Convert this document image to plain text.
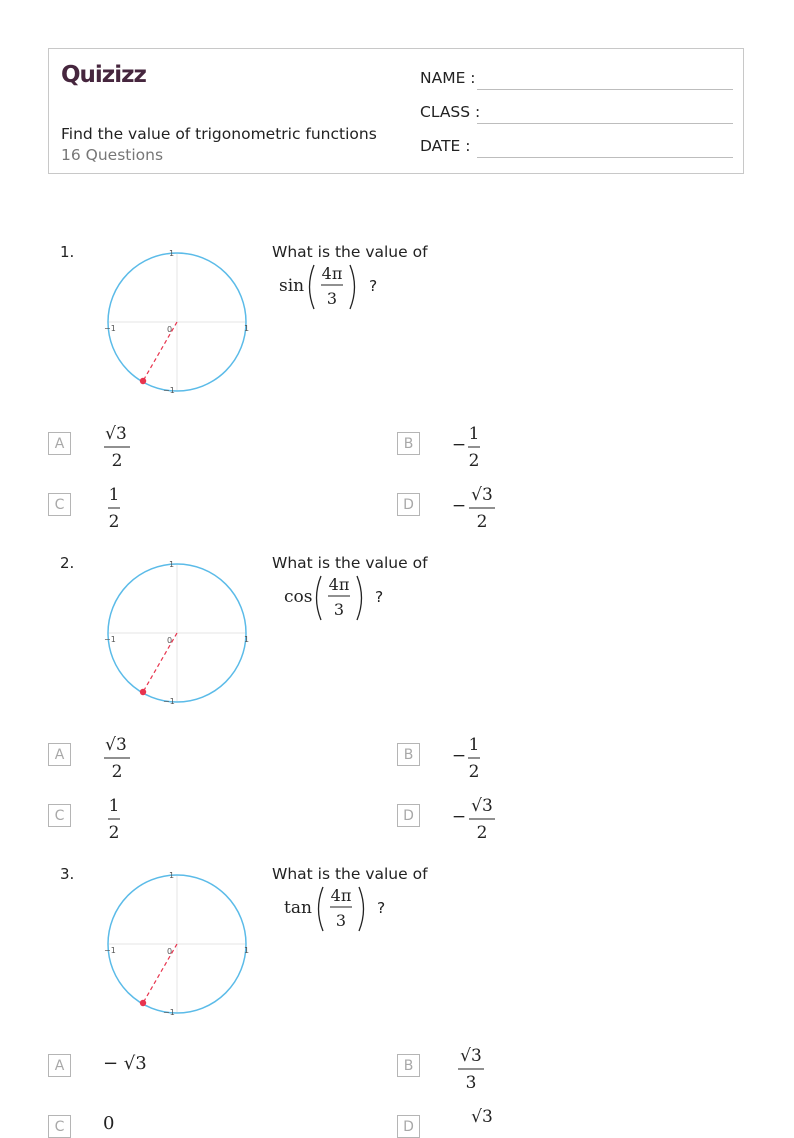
Quizizz
Find the value of trigonometric functions
16 Questions
NAME :
CLASS :
DATE :
1.	1
−1
−1	1
0
What is the value of
sin
4π
3
?
A	√3
2
B	−
1
2
C	1
2
D	−
√3
2
2.	1
−1
−1	1
0
What is the value of
cos
4π
3
?
A	√3
2
B	−
1
2
C	1
2
D	−
√3
2
3.	1
−1
−1	1
0
What is the value of
tan
4π
3
?
A	− √3	B	√3
3
C	0	D	√3
